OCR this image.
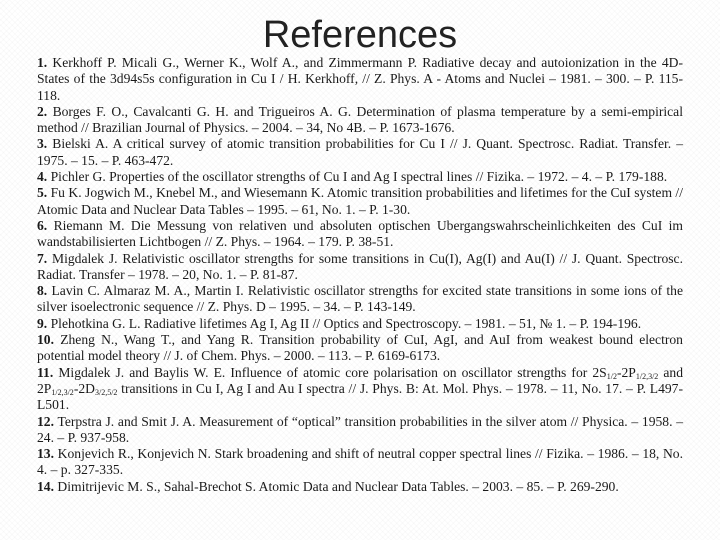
References

1. Kerkhoff P. Micali G., Werner K., Wolf A., and Zimmermann P. Radiative decay and autoionization in the 4D-States of the 3d94s5s configuration in Cu I / H. Kerkhoff, // Z. Phys. A - Atoms and Nuclei – 1981. – 300. – P. 115-118.

2. Borges F. O., Cavalcanti G. H. and Trigueiros A. G. Determination of plasma temperature by a semi-empirical method // Brazilian Journal of Physics. – 2004. – 34, No 4B. – P. 1673-1676.

3. Bielski A. A critical survey of atomic transition probabilities for Cu I // J. Quant. Spectrosc. Radiat. Transfer. – 1975. – 15. – P. 463-472.

4. Pichler G. Properties of the oscillator strengths of Cu I and Ag I spectral lines // Fizika. – 1972. – 4. – P. 179-188.

5. Fu K. Jogwich M., Knebel M., and Wiesemann K. Atomic transition probabilities and lifetimes for the CuI system // Atomic Data and Nuclear Data Tables – 1995. – 61, No. 1. – P. 1-30.

6. Riemann M. Die Messung von relativen und absoluten optischen Ubergangswahrscheinlichkeiten des CuI im wandstabilisierten Lichtbogen // Z. Phys. – 1964. – 179. P. 38-51.

7. Migdalek J. Relativistic oscillator strengths for some transitions in Cu(I), Ag(I) and Au(I) // J. Quant. Spectrosc. Radiat. Transfer – 1978. – 20, No. 1. – P. 81-87.

8. Lavin C. Almaraz M. A., Martin I. Relativistic oscillator strengths for excited state transitions in some ions of the silver isoelectronic sequence // Z. Phys. D – 1995. – 34. – P. 143-149.

9. Plehotkina G. L. Radiative lifetimes Ag I, Ag II // Optics and Spectroscopy. – 1981. – 51, № 1. – P. 194-196.

10. Zheng N., Wang T., and Yang R. Transition probability of CuI, AgI, and AuI from weakest bound electron potential model theory // J. of Chem. Phys. – 2000. – 113. – P. 6169-6173.

11. Migdalek J. and Baylis W. E. Influence of atomic core polarisation on oscillator strengths for $2S_{1/2}-2P_{1/2,3/2}$ and $2P_{1/2,3/2}-2D_{3/2,5/2}$ transitions in Cu I, Ag I and Au I spectra // J. Phys. B: At. Mol. Phys. – 1978. – 11, No. 17. – P. L497-L501.

12. Terpstra J. and Smit J. A. Measurement of “optical” transition probabilities in the silver atom // Physica. – 1958. – 24. – P. 937-958.

13. Konjevich R., Konjevich N. Stark broadening and shift of neutral copper spectral lines // Fizika. – 1986. – 18, No. 4. – p. 327-335.

14. Dimitrijevic M. S., Sahal-Brechot S. Atomic Data and Nuclear Data Tables. – 2003. – 85. – P. 269-290.
